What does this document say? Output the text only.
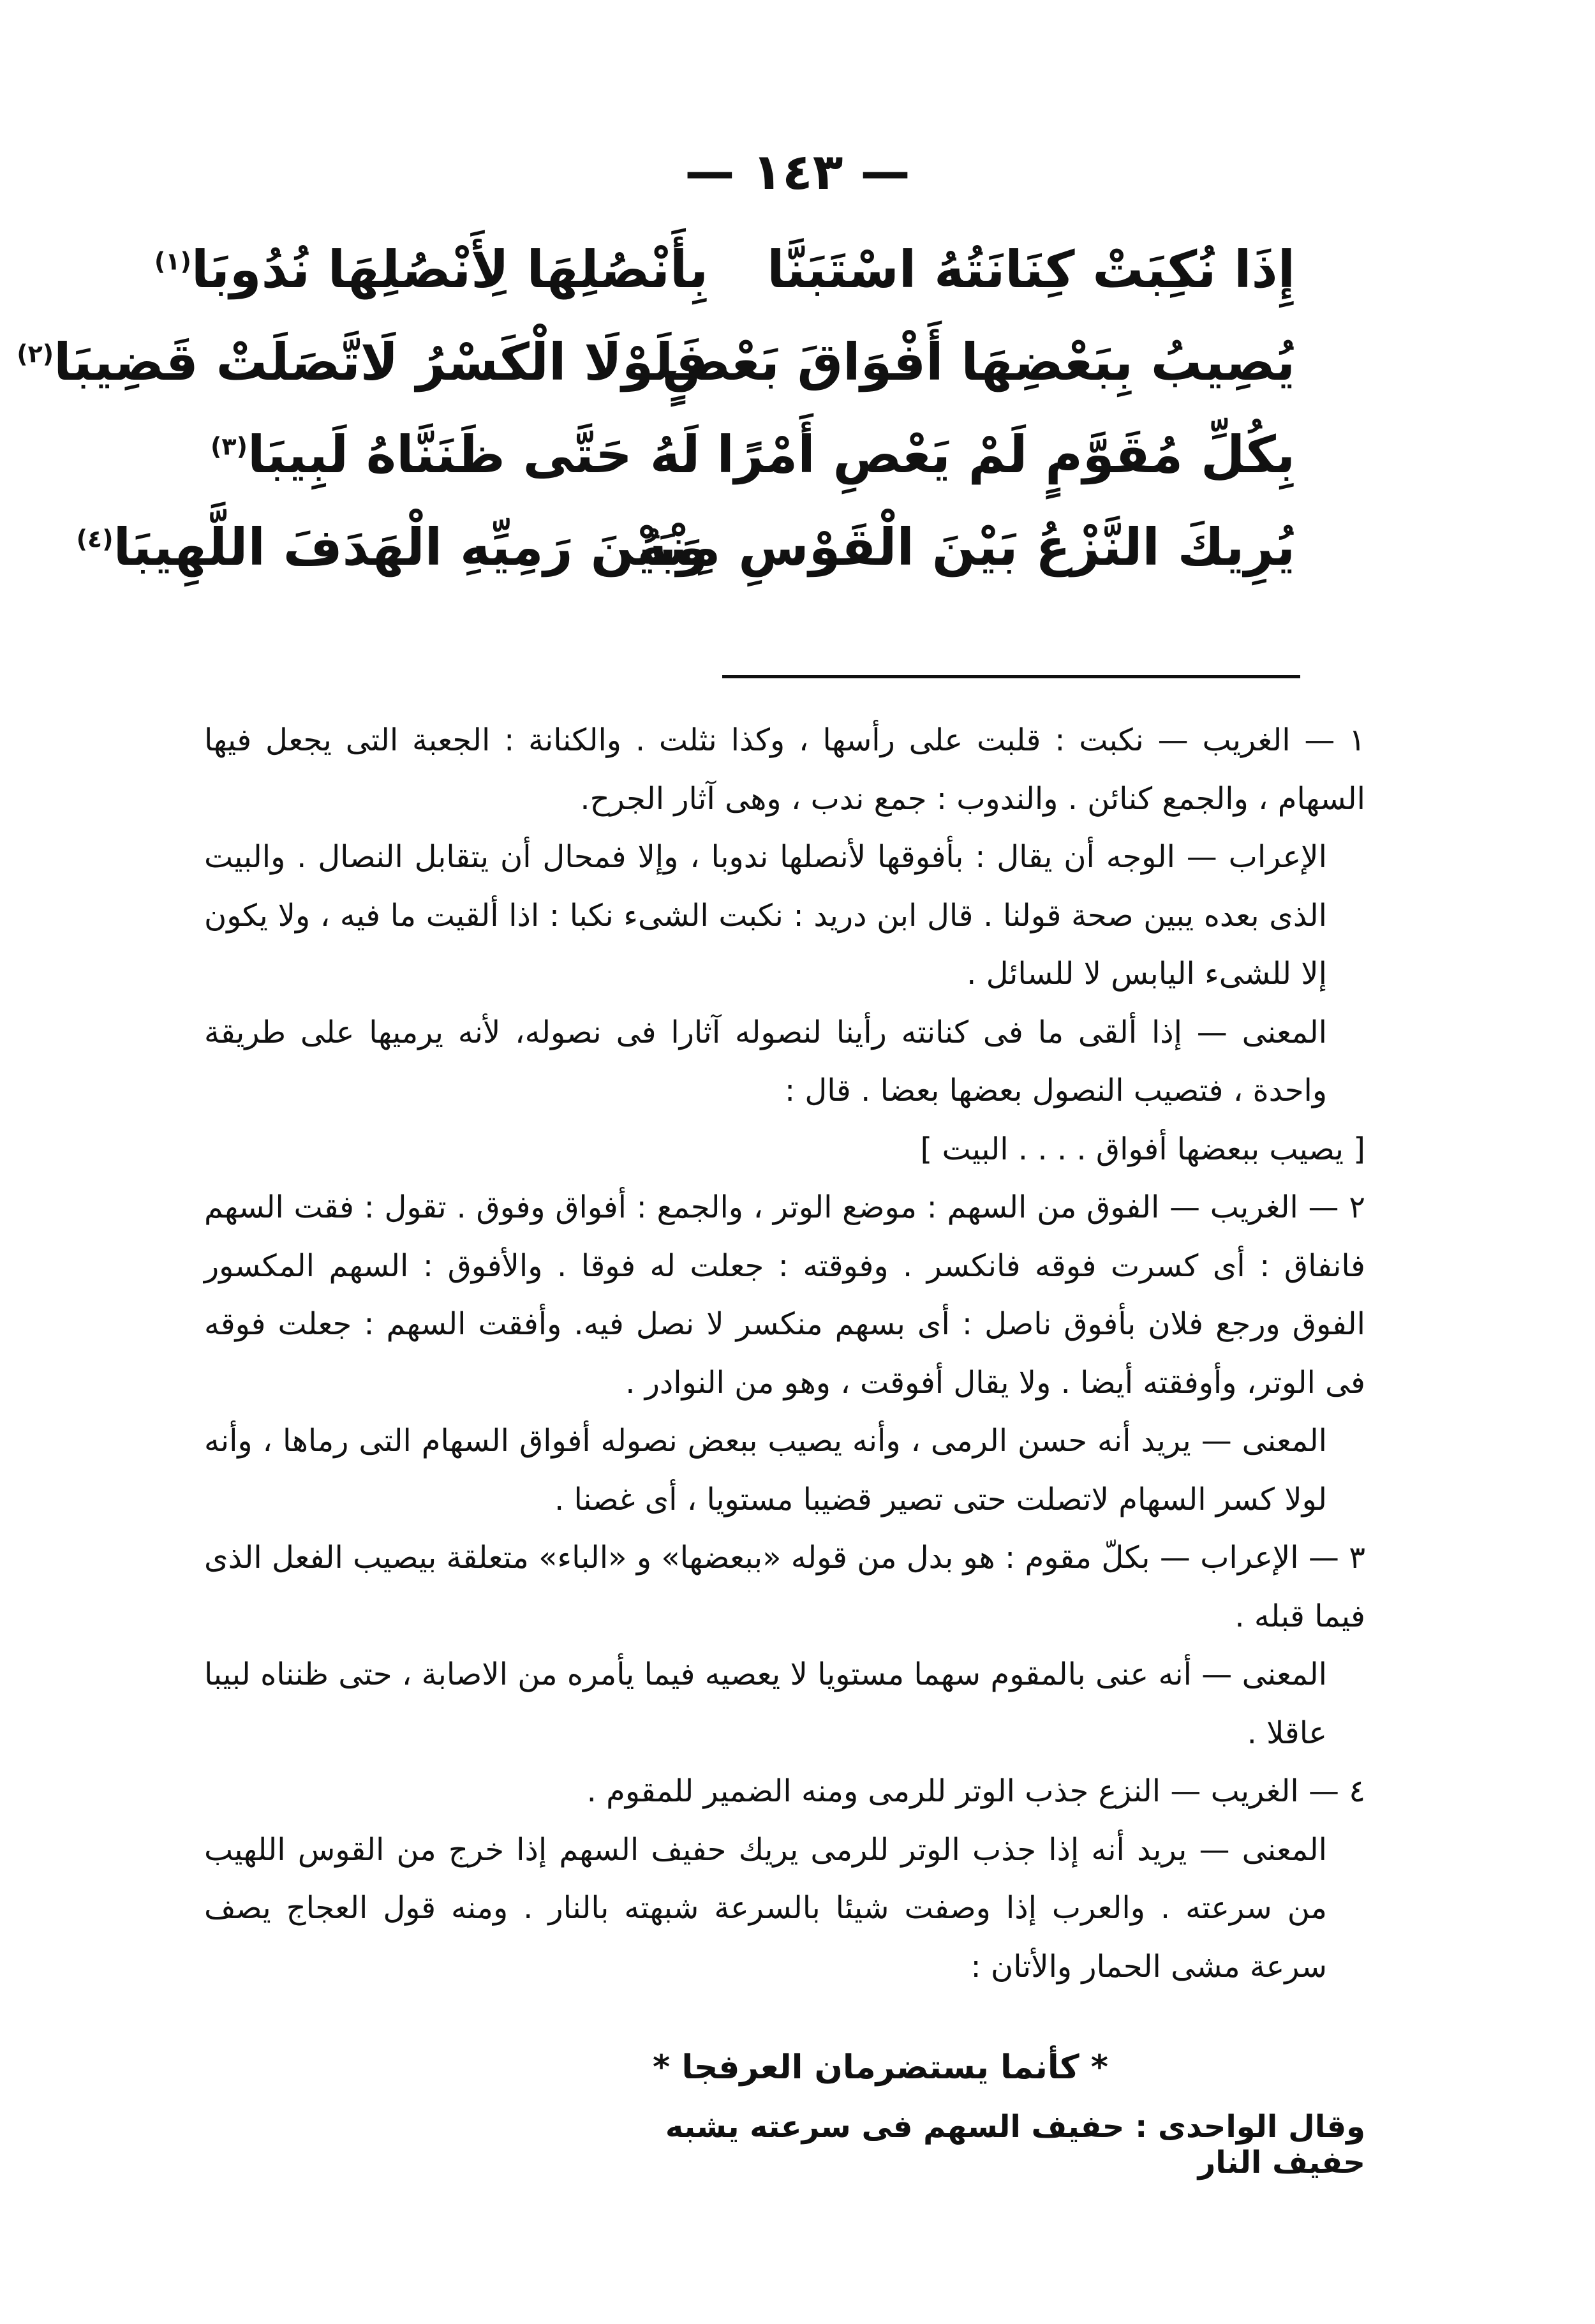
— ١٤٣ —
إِذَا نُكِبَتْ كِنَانَتُهُ اسْتَبَنَّا
بِأَنْصُلِهَا لِأَنْصُلِهَا نُدُوبَا$^{(١)}$
يُصِيبُ بِبَعْضِهَا أَفْوَاقَ بَعْضٍ
فَلَوْلَا الْكَسْرُ لَاتَّصَلَتْ قَضِيبَا$^{(٢)}$
بِكُلِّ مُقَوَّمٍ لَمْ يَعْصِ أَمْرًا
لَهُ حَتَّى ظَنَنَّاهُ لَبِيبَا$^{(٣)}$
يُرِيكَ النَّزْعُ بَيْنَ الْقَوْسِ مِنْهُ
وَبَيْنَ رَمِيِّهِ الْهَدَفَ اللَّهِيبَا$^{(٤)}$

١ — الغريب — نكبت : قلبت على رأسها ، وكذا نثلت . والكنانة : الجعبة التى يجعل فيها السهام ، والجمع كنائن . والندوب : جمع ندب ، وهى آثار الجرح.

الإعراب — الوجه أن يقال : بأفوقها لأنصلها ندوبا ، وإلا فمحال أن يتقابل النصال . والبيت الذى بعده يبين صحة قولنا . قال ابن دريد : نكبت الشىء نكبا : اذا ألقيت ما فيه ، ولا يكون إلا للشىء اليابس لا للسائل .

المعنى — إذا ألقى ما فى كنانته رأينا لنصوله آثارا فى نصوله، لأنه يرميها على طريقة واحدة ، فتصيب النصول بعضها بعضا . قال :

[ يصيب ببعضها أفواق . . . . البيت ]

٢ — الغريب — الفوق من السهم : موضع الوتر ، والجمع : أفواق وفوق . تقول : فقت السهم فانفاق : أى كسرت فوقه فانكسر . وفوقته : جعلت له فوقا . والأفوق : السهم المكسور الفوق ورجع فلان بأفوق ناصل : أى بسهم منكسر لا نصل فيه. وأفقت السهم : جعلت فوقه فى الوتر، وأوفقته أيضا . ولا يقال أفوقت ، وهو من النوادر .

المعنى — يريد أنه حسن الرمى ، وأنه يصيب ببعض نصوله أفواق السهام التى رماها ، وأنه لولا كسر السهام لاتصلت حتى تصير قضيبا مستويا ، أى غصنا .

٣ — الإعراب — بكلّ مقوم : هو بدل من قوله «ببعضها» و «الباء» متعلقة بيصيب الفعل الذى فيما قبله .

المعنى — أنه عنى بالمقوم سهما مستويا لا يعصيه فيما يأمره من الاصابة ، حتى ظنناه لبيبا عاقلا .

٤ — الغريب — النزع جذب الوتر للرمى ومنه الضمير للمقوم .

المعنى — يريد أنه إذا جذب الوتر للرمى يريك حفيف السهم إذا خرج من القوس اللهيب من سرعته . والعرب إذا وصفت شيئا بالسرعة شبهته بالنار . ومنه قول العجاج يصف سرعة مشى الحمار والأتان :

* كأنما يستضرمان العرفجا *
وقال الواحدى : حفيف السهم فى سرعته يشبه حفيف النار
